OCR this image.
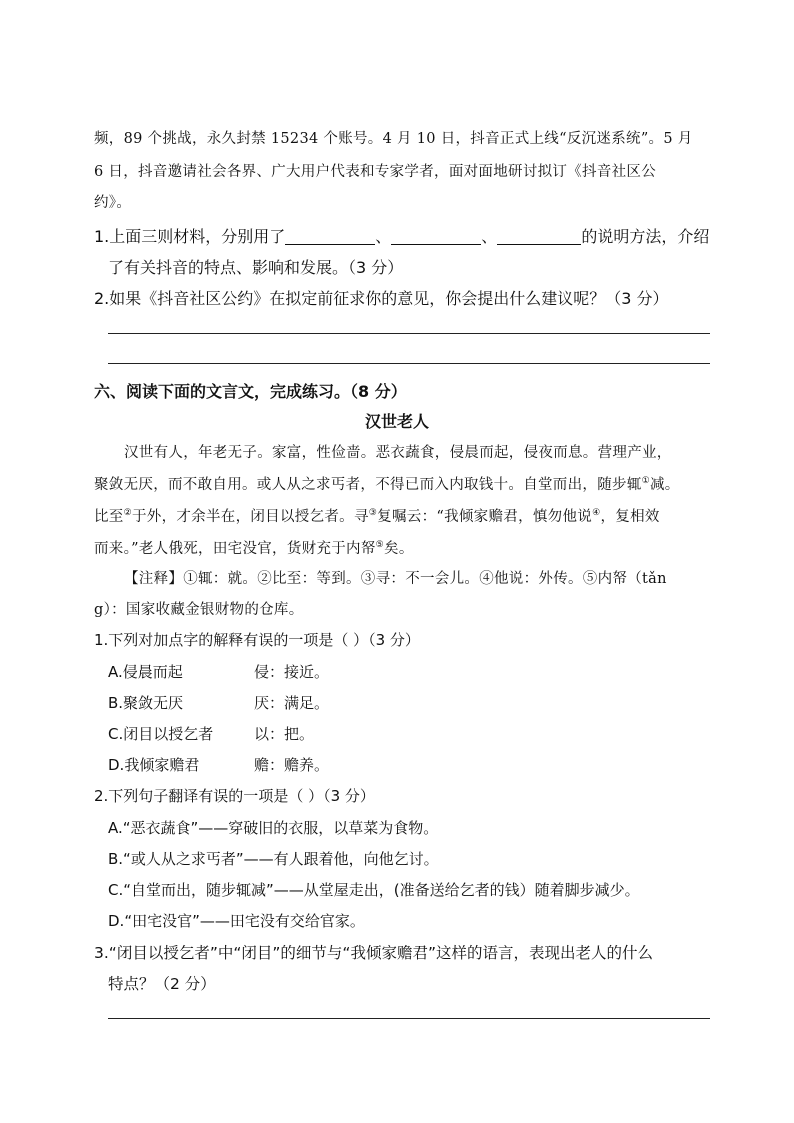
频，89 个挑战，永久封禁 15234 个账号。4 月 10 日，抖音正式上线“反沉迷系统”。5 月
6 日，抖音邀请社会各界、广大用户代表和专家学者，面对面地研讨拟订《抖音社区公
约》。
1.上面三则材料，分别用了	、	、	的说明方法，介绍
了有关抖音的特点、影响和发展。（3 分）
2.如果《抖音社区公约》在拟定前征求你的意见，你会提出什么建议呢？（3 分）
六、阅读下面的文言文，完成练习。（8 分）
汉世老人
汉世有人，年老无子。家富，性俭啬。恶衣蔬食，侵晨而起，侵夜而息。营理产业，
聚敛无厌，而不敢自用。或人从之求丐者，不得已而入内取钱十。自堂而出，随步辄①减。
比至②于外，才余半在，闭目以授乞者。寻③复嘱云：“我倾家赡君，慎勿他说④，复相效
而来。”老人俄死，田宅没官，货财充于内帑⑤矣。
【注释】①辄：就。②比至：等到。③寻：不一会儿。④他说：外传。⑤内帑（tǎn
g）：国家收藏金银财物的仓库。
1.下列对加点字的解释有误的一项是（ ）（3 分）
A.侵晨而起	侵：接近。
B.聚敛无厌	厌：满足。
C.闭目以授乞者	以：把。
D.我倾家赡君	赡：赡养。
2.下列句子翻译有误的一项是（ ）（3 分）
A.“恶衣蔬食”——穿破旧的衣服，以草菜为食物。
B.“或人从之求丐者”——有人跟着他，向他乞讨。
C.“自堂而出，随步辄减”——从堂屋走出，(准备送给乞者的钱）随着脚步减少。
D.“田宅没官”——田宅没有交给官家。
3.“闭目以授乞者”中“闭目”的细节与“我倾家赡君”这样的语言，表现出老人的什么
特点？（2 分）
